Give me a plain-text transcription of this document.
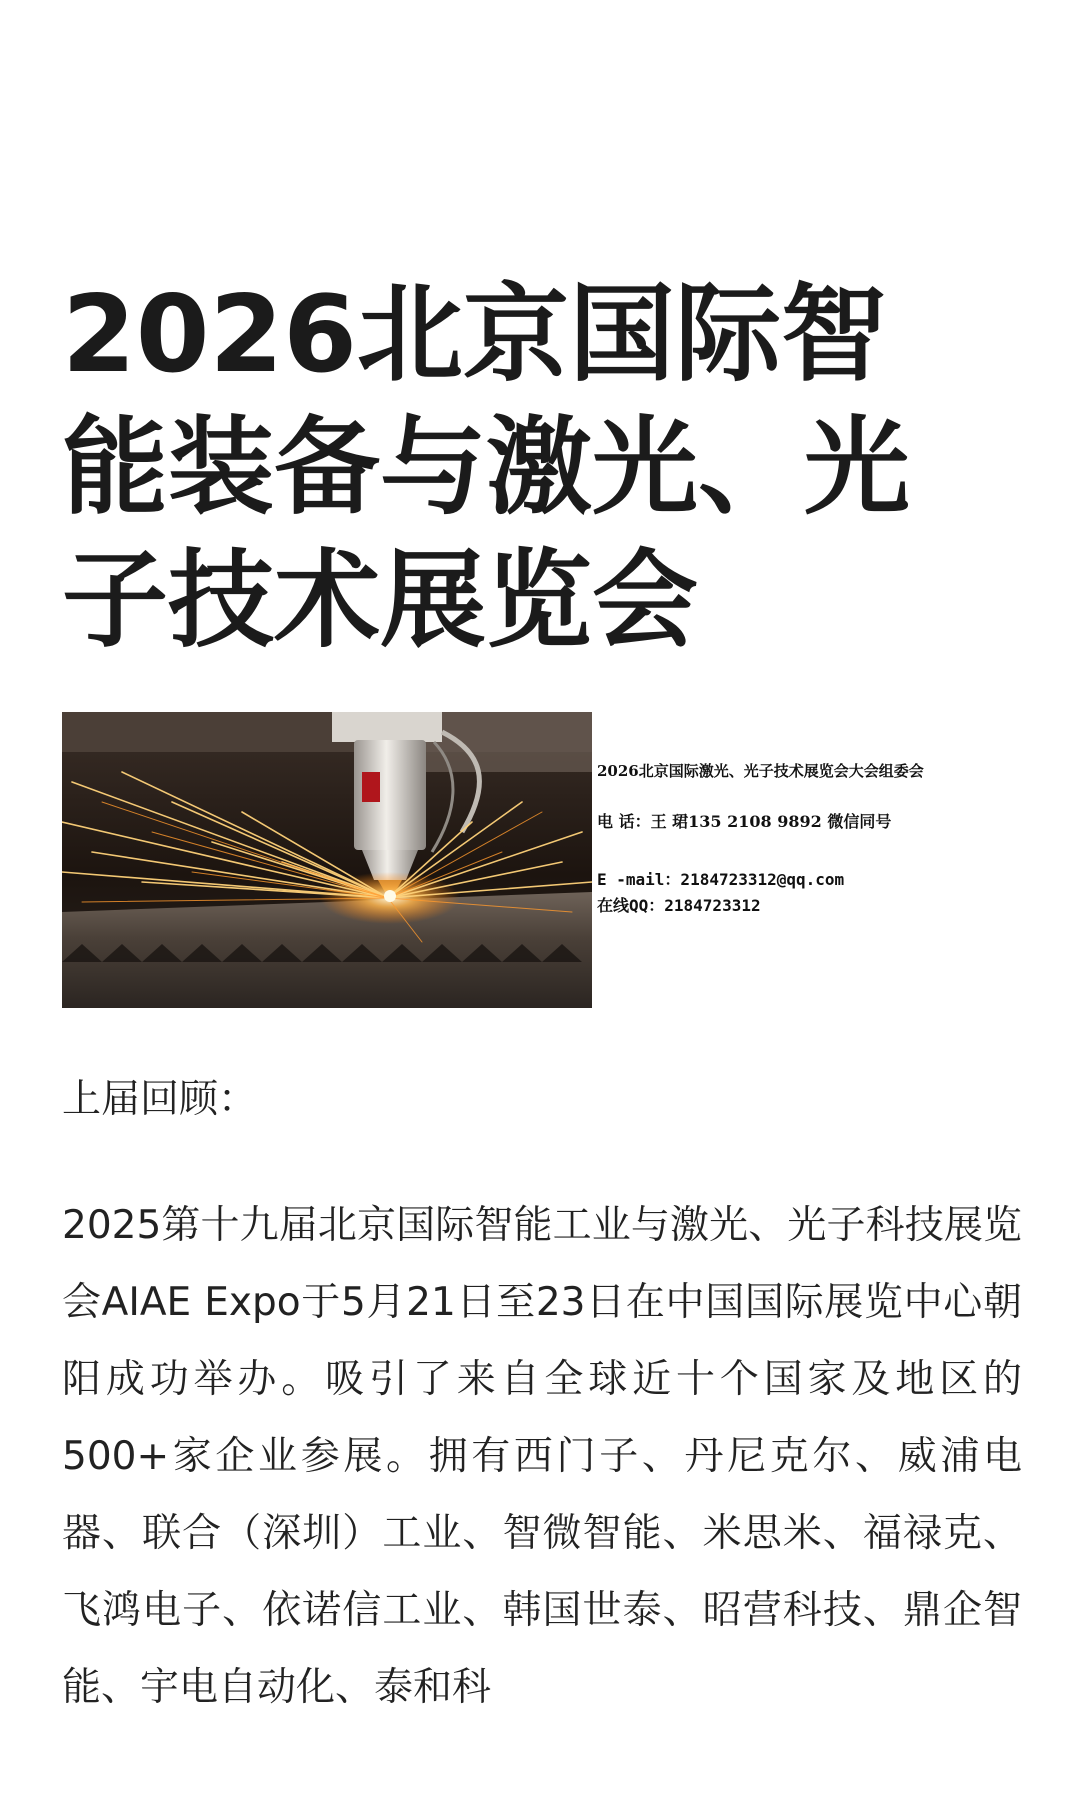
2026北京国际智能装备与激光、光子技术展览会
2026北京国际激光、光子技术展览会大会组委会
电 话：王 珺135 2108 9892 微信同号
E -mail：2184723312@qq.com
在线QQ：2184723312
上届回顾：

2025第十九届北京国际智能工业与激光、光子科技展览会AIAE Expo于5月21日至23日在中国国际展览中心朝阳成功举办。吸引了来自全球近十个国家及地区的500+家企业参展。拥有西门子、丹尼克尔、威浦电器、联合（深圳）工业、智微智能、米思米、福禄克、飞鸿电子、依诺信工业、韩国世泰、昭营科技、鼎企智能、宇电自动化、泰和科
